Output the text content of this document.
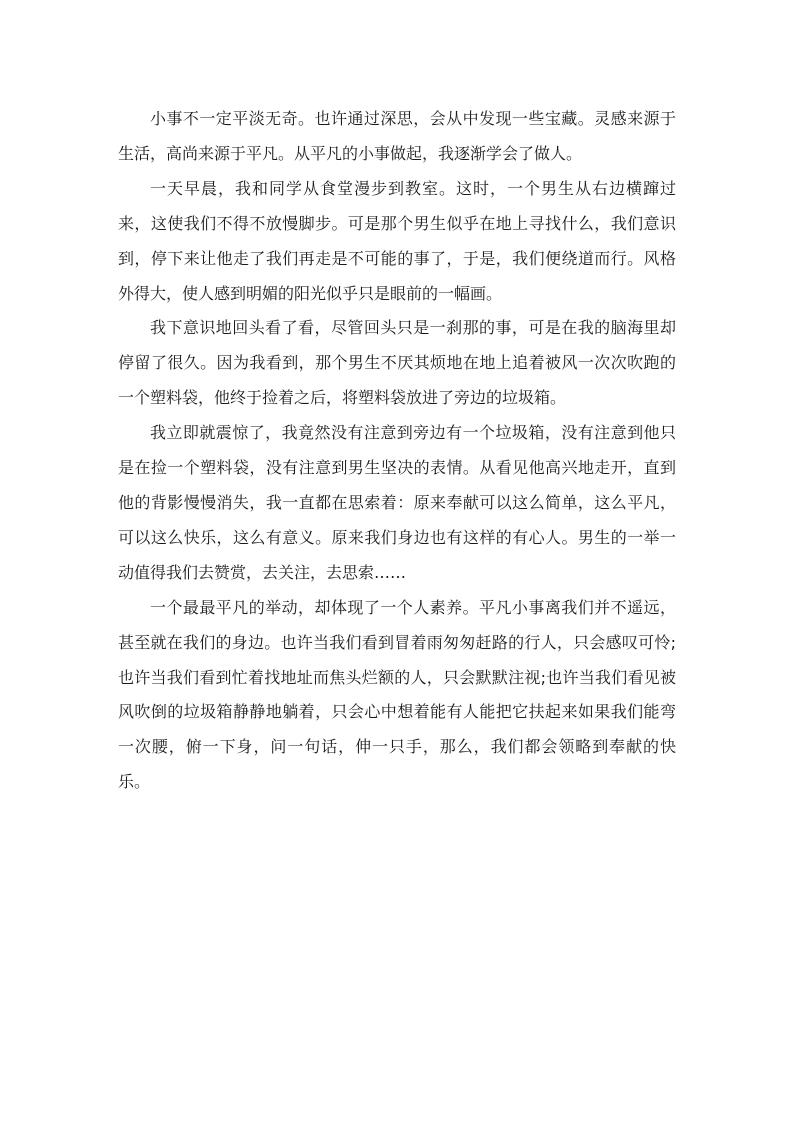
小事不一定平淡无奇。也许通过深思，会从中发现一些宝藏。灵感来源于生活，高尚来源于平凡。从平凡的小事做起，我逐渐学会了做人。

一天早晨，我和同学从食堂漫步到教室。这时，一个男生从右边横蹿过来，这使我们不得不放慢脚步。可是那个男生似乎在地上寻找什么，我们意识到，停下来让他走了我们再走是不可能的事了，于是，我们便绕道而行。风格外得大，使人感到明媚的阳光似乎只是眼前的一幅画。

我下意识地回头看了看，尽管回头只是一刹那的事，可是在我的脑海里却停留了很久。因为我看到，那个男生不厌其烦地在地上追着被风一次次吹跑的一个塑料袋，他终于捡着之后，将塑料袋放进了旁边的垃圾箱。

我立即就震惊了，我竟然没有注意到旁边有一个垃圾箱，没有注意到他只是在捡一个塑料袋，没有注意到男生坚决的表情。从看见他高兴地走开，直到他的背影慢慢消失，我一直都在思索着：原来奉献可以这么简单，这么平凡，可以这么快乐，这么有意义。原来我们身边也有这样的有心人。男生的一举一动值得我们去赞赏，去关注，去思索……

一个最最平凡的举动，却体现了一个人素养。平凡小事离我们并不遥远，甚至就在我们的身边。也许当我们看到冒着雨匆匆赶路的行人，只会感叹可怜;也许当我们看到忙着找地址而焦头烂额的人，只会默默注视;也许当我们看见被风吹倒的垃圾箱静静地躺着，只会心中想着能有人能把它扶起来如果我们能弯一次腰，俯一下身，问一句话，伸一只手，那么，我们都会领略到奉献的快乐。
